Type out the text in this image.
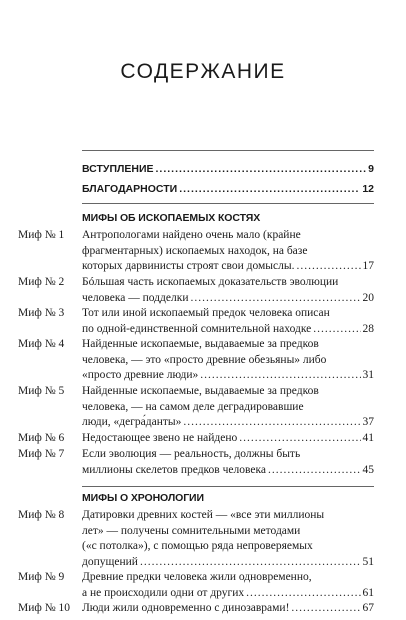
СОДЕРЖАНИЕ
ВСТУПЛЕНИЕ .....	9
БЛАГОДАРНОСТИ .....	12
МИФЫ ОБ ИСКОПАЕМЫХ КОСТЯХ
Миф № 1 Антропологами найдено очень мало (крайне
фрагментарных) ископаемых находок, на базе
которых дарвинисты строят свои домыслы. .....	17
Миф № 2 Бóльшая часть ископаемых доказательств эволюции
человека — подделки .....	20
Миф № 3 Тот или иной ископаемый предок человека описан
по одной-единственной сомнительной находке .....	28
Миф № 4 Найденные ископаемые, выдаваемые за предков
человека, — это «просто древние обезьяны» либо
«просто древние люди» .....	31
Миф № 5 Найденные ископаемые, выдаваемые за предков
человека, — на самом деле деградировавшие
люди, «дегра́данты» .....	37
Миф № 6 Недостающее звено не найдено .....	41
Миф № 7 Если эволюция — реальность, должны быть
миллионы скелетов предков человека .....	45
МИФЫ О ХРОНОЛОГИИ
Миф № 8 Датировки древних костей — «все эти миллионы
лет» — получены сомнительными методами
(«с потолка»), с помощью ряда непроверяемых
допущений .....	51
Миф № 9 Древние предки человека жили одновременно,
а не происходили одни от других .....	61
Миф № 10 Люди жили одновременно с динозаврами! .....	67
